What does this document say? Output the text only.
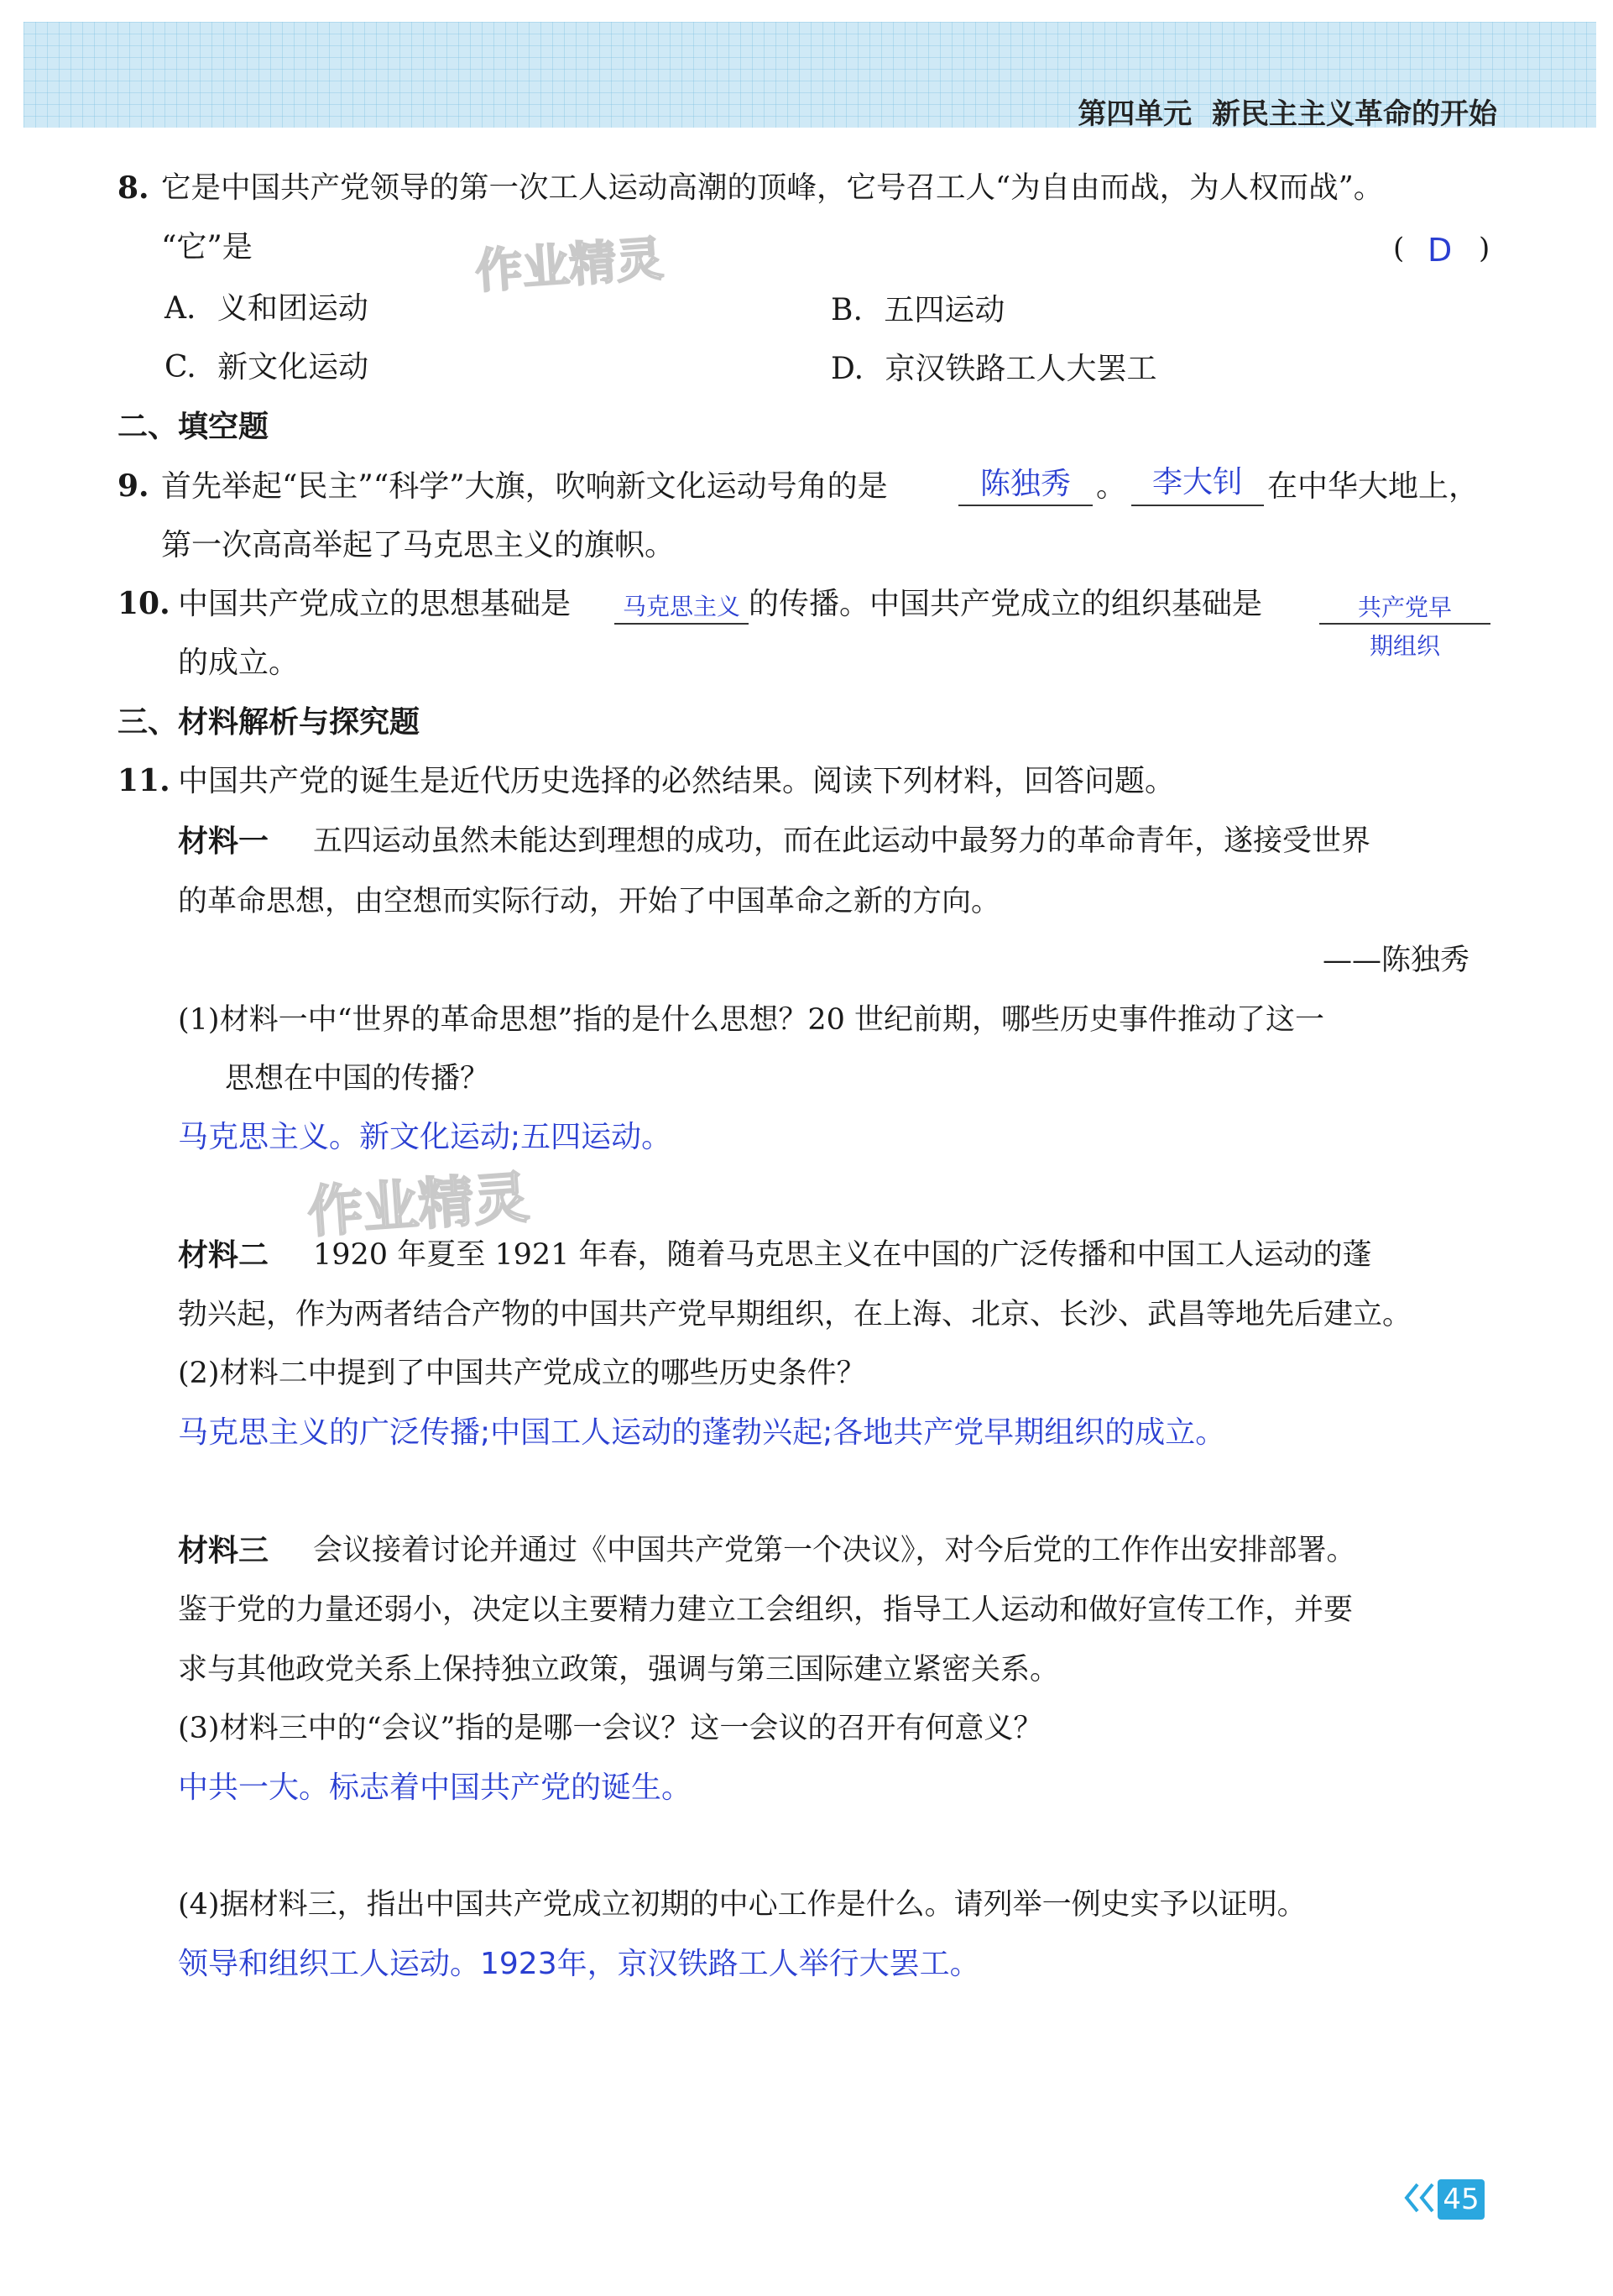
第四单元  新民主主义革命的开始
8. 它是中国共产党领导的第一次工人运动高潮的顶峰，它号召工人“为自由而战，为人权而战”。
“它”是	( D )
作业精灵
A. 义和团运动	B. 五四运动
C. 新文化运动	D. 京汉铁路工人大罢工
二、填空题
9. 首先举起“民主”“科学”大旗，吹响新文化运动号角的是	陈独秀 。 李大钊 在中华大地上，
第一次高高举起了马克思主义的旗帜。
10. 中国共产党成立的思想基础是	马克思主义 的传播。中国共产党成立的组织基础是	共产党早
期组织
的成立。
三、材料解析与探究题
11. 中国共产党的诞生是近代历史选择的必然结果。阅读下列材料，回答问题。
材料一 五四运动虽然未能达到理想的成功，而在此运动中最努力的革命青年，遂接受世界
的革命思想，由空想而实际行动，开始了中国革命之新的方向。
——陈独秀
(1)材料一中“世界的革命思想”指的是什么思想？20 世纪前期，哪些历史事件推动了这一
思想在中国的传播？
马克思主义。新文化运动;五四运动。
作业精灵
材料二 1920 年夏至 1921 年春，随着马克思主义在中国的广泛传播和中国工人运动的蓬
勃兴起，作为两者结合产物的中国共产党早期组织，在上海、北京、长沙、武昌等地先后建立。
(2)材料二中提到了中国共产党成立的哪些历史条件？
马克思主义的广泛传播;中国工人运动的蓬勃兴起;各地共产党早期组织的成立。
材料三 会议接着讨论并通过《中国共产党第一个决议》，对今后党的工作作出安排部署。
鉴于党的力量还弱小，决定以主要精力建立工会组织，指导工人运动和做好宣传工作，并要
求与其他政党关系上保持独立政策，强调与第三国际建立紧密关系。
(3)材料三中的“会议”指的是哪一会议？这一会议的召开有何意义？
中共一大。标志着中国共产党的诞生。
(4)据材料三，指出中国共产党成立初期的中心工作是什么。请列举一例史实予以证明。
领导和组织工人运动。1923年，京汉铁路工人举行大罢工。
45
